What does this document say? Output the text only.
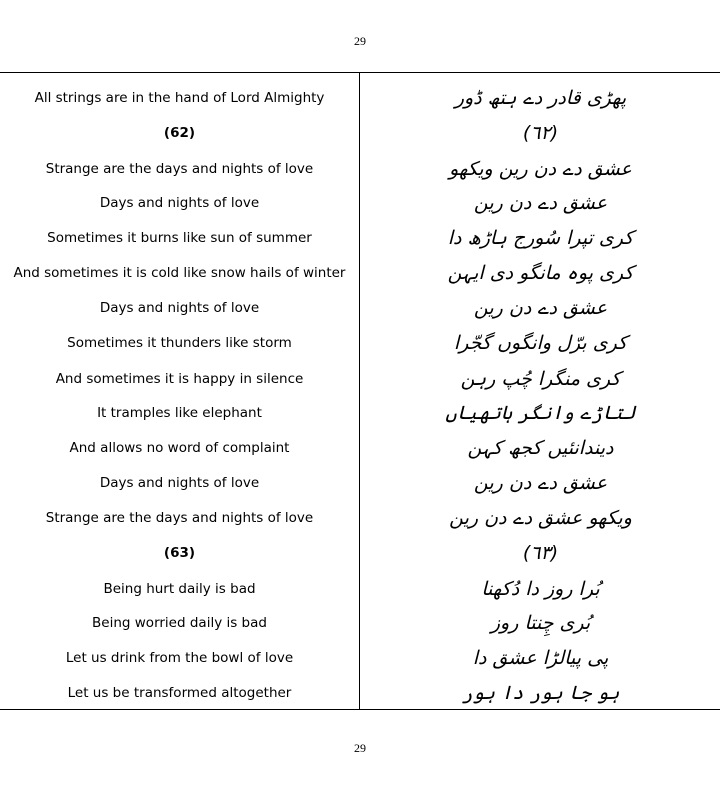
29
All strings are in the hand of Lord Almighty	پھڑی قادر دے ہتھ ڈور
(62)	(٦٢)
Strange are the days and nights of love	عشق دے دن رین ویکھو
Days and nights of love	عشق دے دن رین
Sometimes it burns like sun of summer	کری تپرا سُورج ہاڑھ دا
And sometimes it is cold like snow hails of winter	کری پوہ مانگو دی ایہن
Days and nights of love	عشق دے دن رین
Sometimes it thunders like storm	کری برّل وانگوں گجّرا
And sometimes it is happy in silence	کری منگرا چُپ رہن
It tramples like elephant	لتاڑے وانگر ہاتھیاں
And allows no word of complaint	دیندانئیں کجھ کہن
Days and nights of love	عشق دے دن رین
Strange are the days and nights of love	ویکھو عشق دے دن رین
(63)	(٦٣)
Being hurt daily is bad	بُرا روز دا دُکھنا
Being worried daily is bad	بُری چِنتا روز
Let us drink from the bowl of love	پی پیالڑا عشق دا
Let us be transformed altogether	ہو جا ہور دا ہور
29
